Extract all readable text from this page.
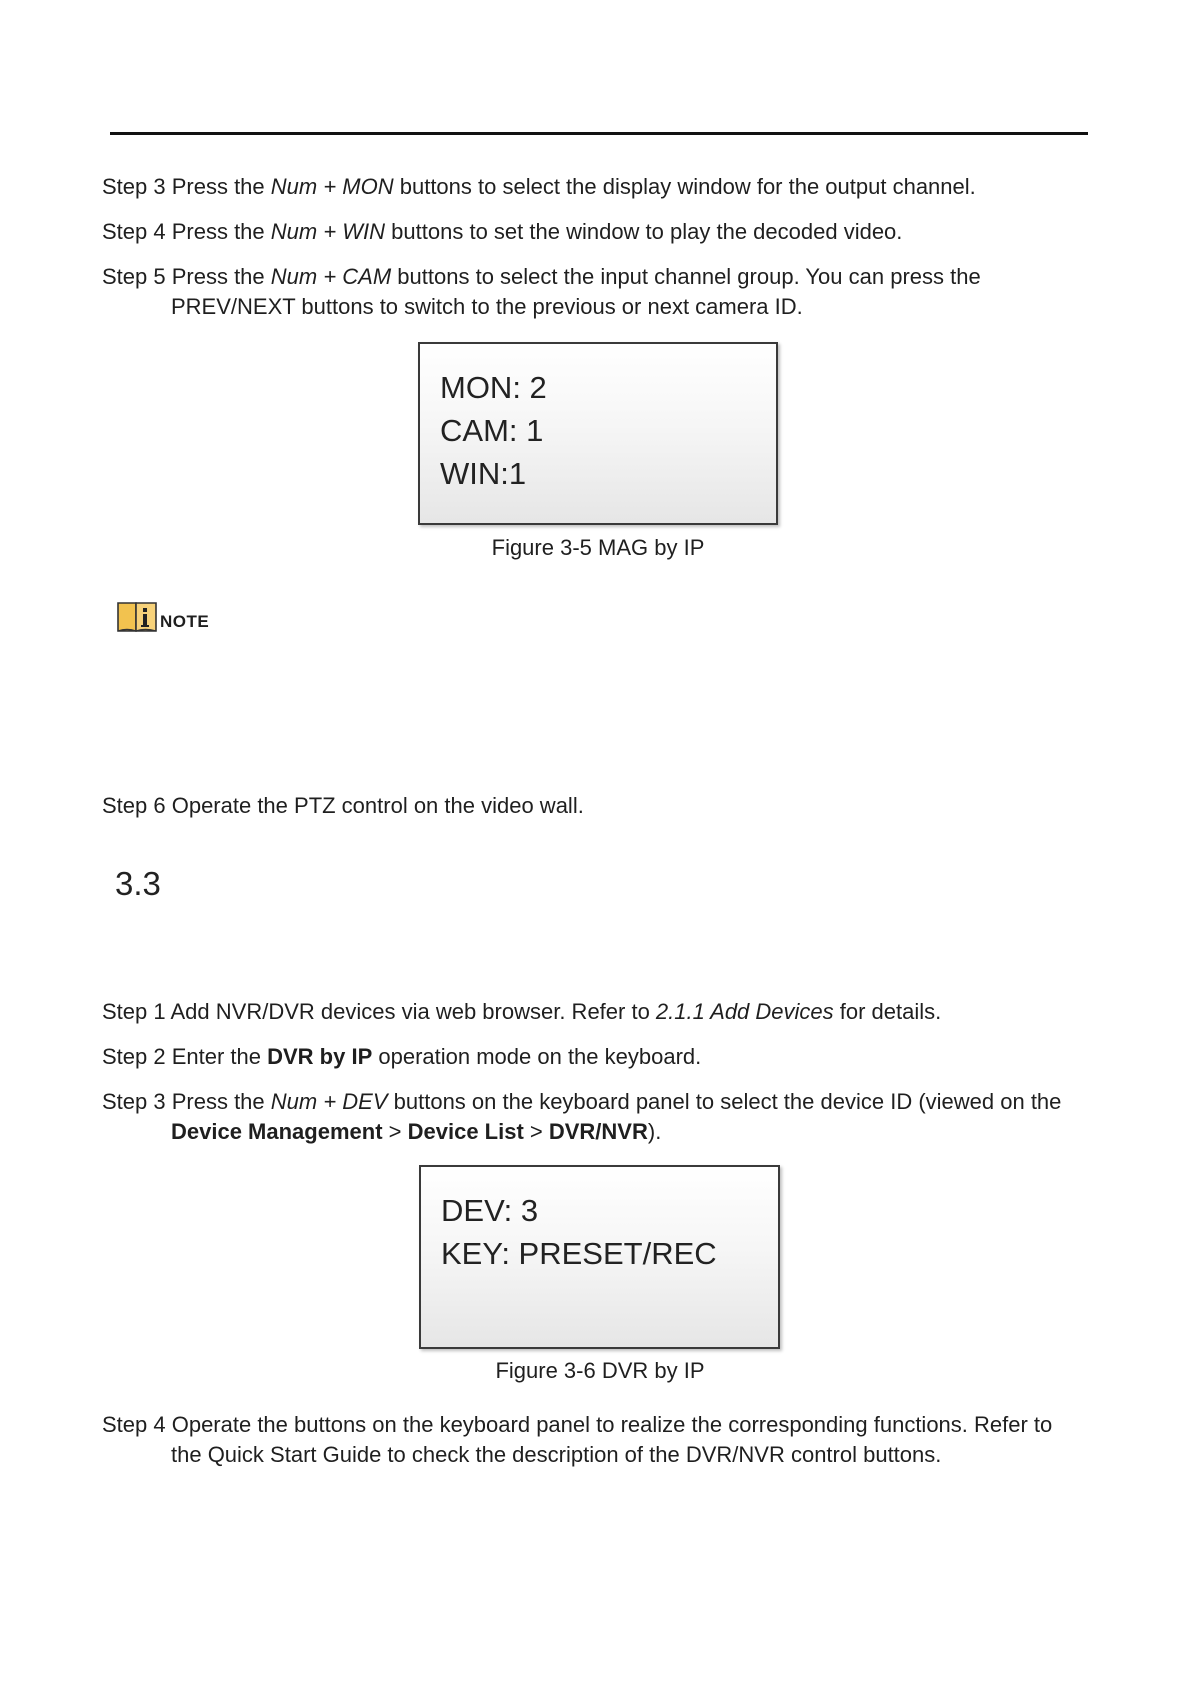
Step 3 Press the Num + MON buttons to select the display window for the output channel.

Step 4 Press the Num + WIN buttons to set the window to play the decoded video.

Step 5 Press the Num + CAM buttons to select the input channel group. You can press the
PREV/NEXT buttons to switch to the previous or next camera ID.

MON: 2
CAM: 1
WIN:1
Figure 3-5 MAG by IP
NOTE

Step 6 Operate the PTZ control on the video wall.

3.3

Step 1 Add NVR/DVR devices via web browser. Refer to 2.1.1 Add Devices for details.

Step 2 Enter the DVR by IP operation mode on the keyboard.

Step 3 Press the Num + DEV buttons on the keyboard panel to select the device ID (viewed on the
Device Management > Device List > DVR/NVR).

DEV: 3
KEY: PRESET/REC
Figure 3-6 DVR by IP

Step 4 Operate the buttons on the keyboard panel to realize the corresponding functions. Refer to
the Quick Start Guide to check the description of the DVR/NVR control buttons.
